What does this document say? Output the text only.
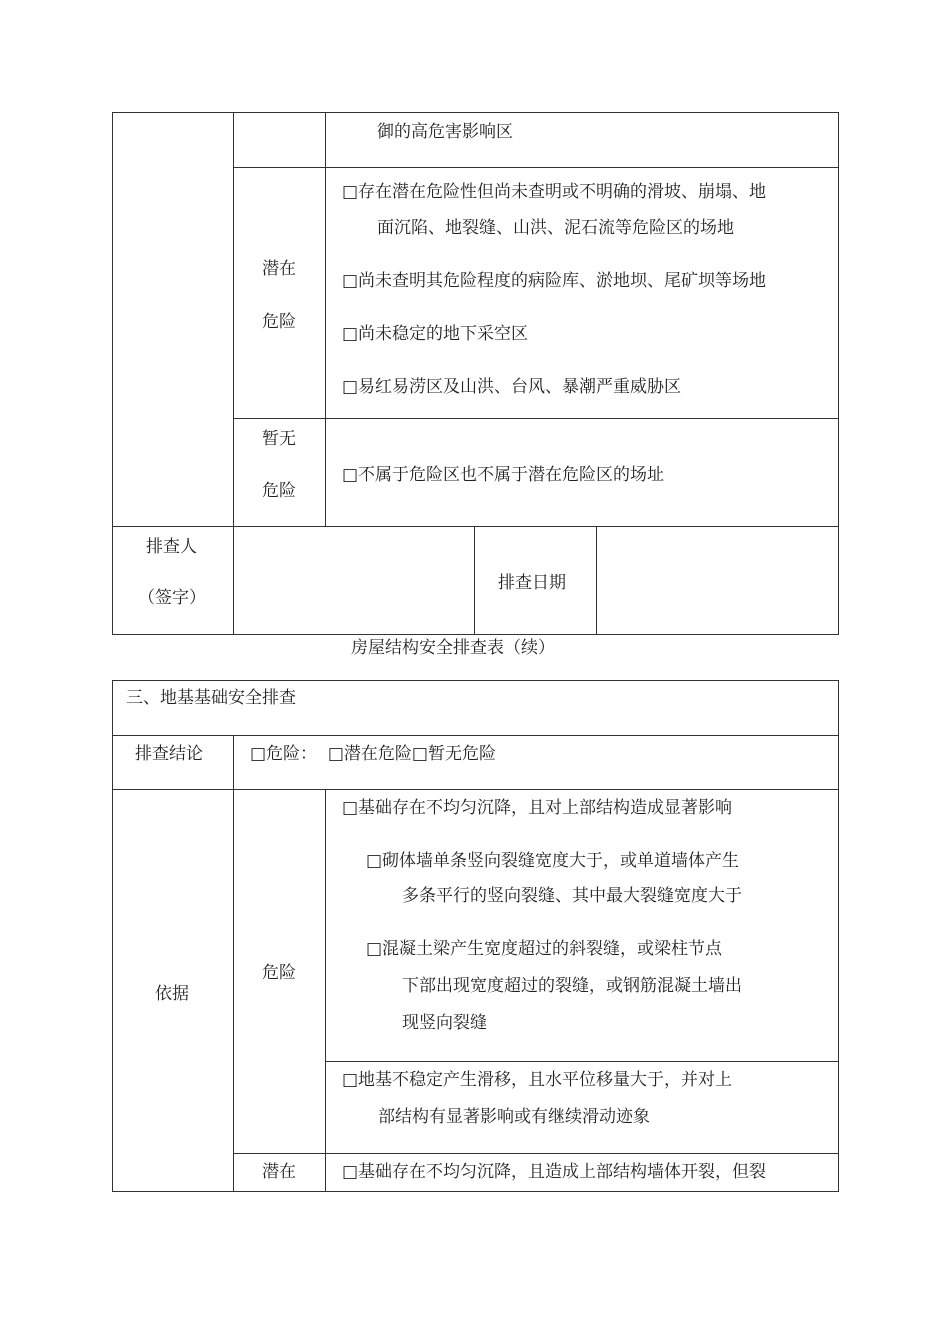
御的高危害影响区
潜在
危险
□存在潜在危险性但尚未查明或不明确的滑坡、崩塌、地
面沉陷、地裂缝、山洪、泥石流等危险区的场地
□尚未查明其危险程度的病险库、淤地坝、尾矿坝等场地
□尚未稳定的地下采空区
□易红易涝区及山洪、台风、暴潮严重威胁区
暂无
危险
□不属于危险区也不属于潜在危险区的场址
排查人
（签字）
排查日期
房屋结构安全排查表（续）
三、地基基础安全排查
排查结论	□危险：  □潜在危险□暂无危险
依据
危险
□基础存在不均匀沉降，且对上部结构造成显著影响
□砌体墙单条竖向裂缝宽度大于，或单道墙体产生
多条平行的竖向裂缝、其中最大裂缝宽度大于
□混凝土梁产生宽度超过的斜裂缝，或梁柱节点
下部出现宽度超过的裂缝，或钢筋混凝土墙出
现竖向裂缝
□地基不稳定产生滑移，且水平位移量大于，并对上
部结构有显著影响或有继续滑动迹象
潜在	□基础存在不均匀沉降，且造成上部结构墙体开裂，但裂
